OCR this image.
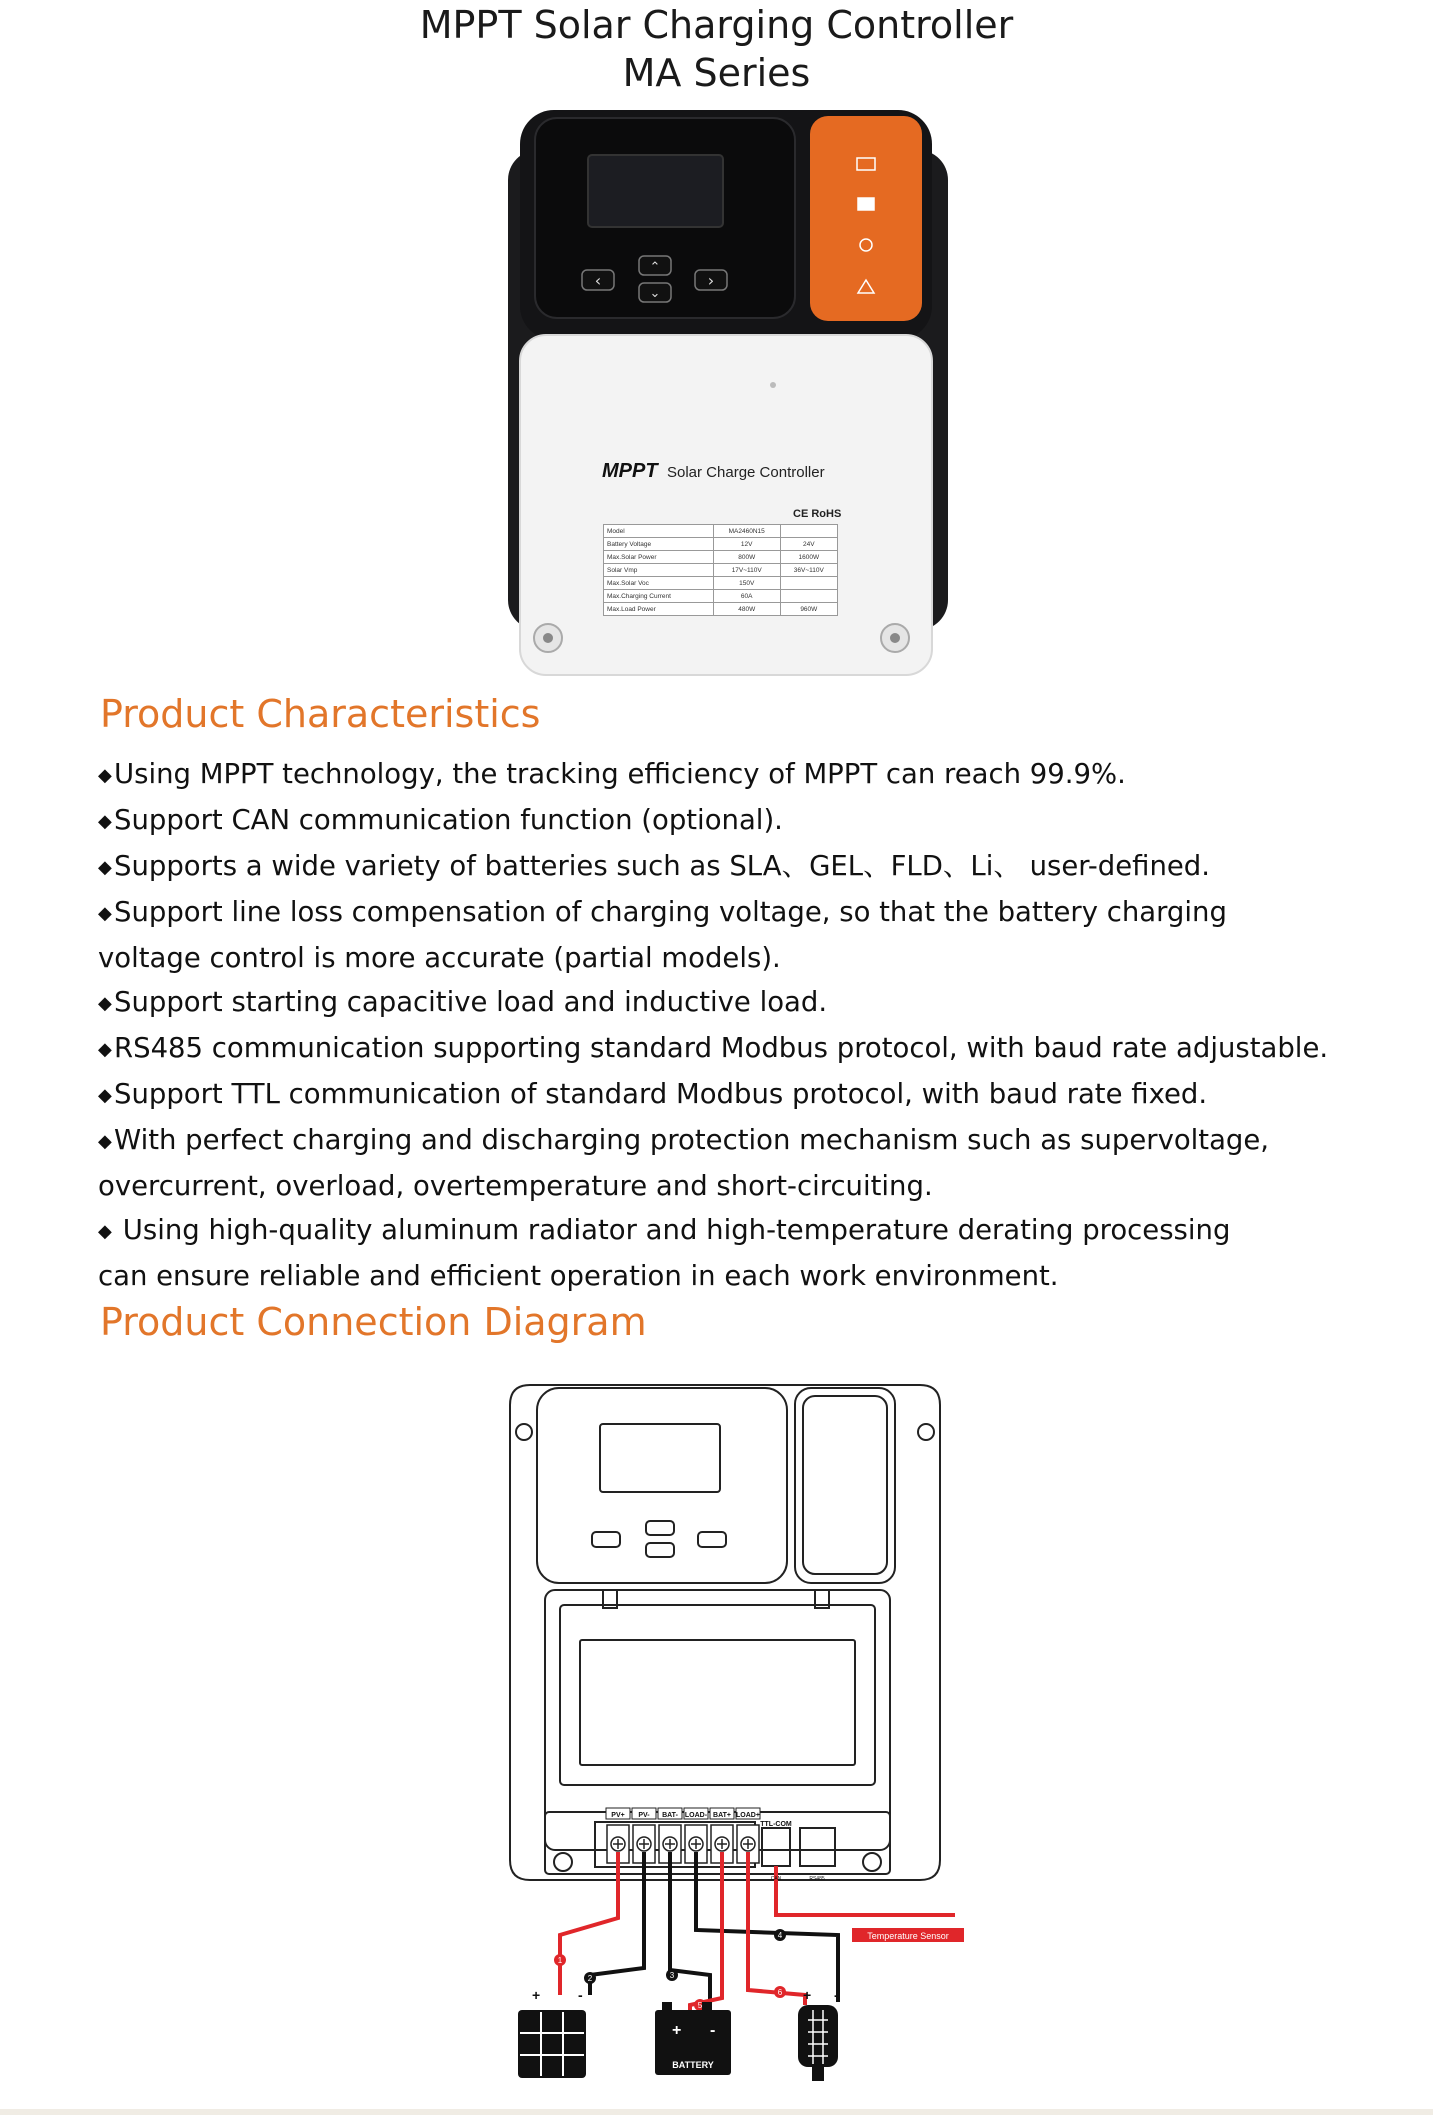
MPPT Solar Charging Controller
MA Series
‹
⌃
⌄
›
MPPT Solar Charge Controller
CE RoHS
Model	MA2460N15	
Battery Voltage	12V	24V
Max.Solar Power	800W	1600W
Solar Vmp	17V~110V	36V~110V
Max.Solar Voc	150V	
Max.Charging Current	60A	
Max.Load Power	480W	960W
Product Characteristics
◆Using MPPT technology, the tracking efficiency of MPPT can reach 99.9%.
◆Support CAN communication function (optional).
◆Supports a wide variety of batteries such as SLA、GEL、FLD、Li、 user-defined.
◆Support line loss compensation of charging voltage, so that the battery charging
voltage control is more accurate (partial models).
◆Support starting capacitive load and inductive load.
◆RS485 communication supporting standard Modbus protocol, with baud rate adjustable.
◆Support TTL communication of standard Modbus protocol, with baud rate fixed.
◆With perfect charging and discharging protection mechanism such as supervoltage,
overcurrent, overload, overtemperature and short-circuiting.
◆ Using high-quality aluminum radiator and high-temperature derating processing
can ensure reliable and efficient operation in each work environment.
Product Connection Diagram
PV+ PV- BAT- LOAD- BAT+ LOAD+
TTL-COM
CAN	RS485
1
2	3
4
5
6
Temperature Sensor
+	+
-	-
+ -
BATTERY
